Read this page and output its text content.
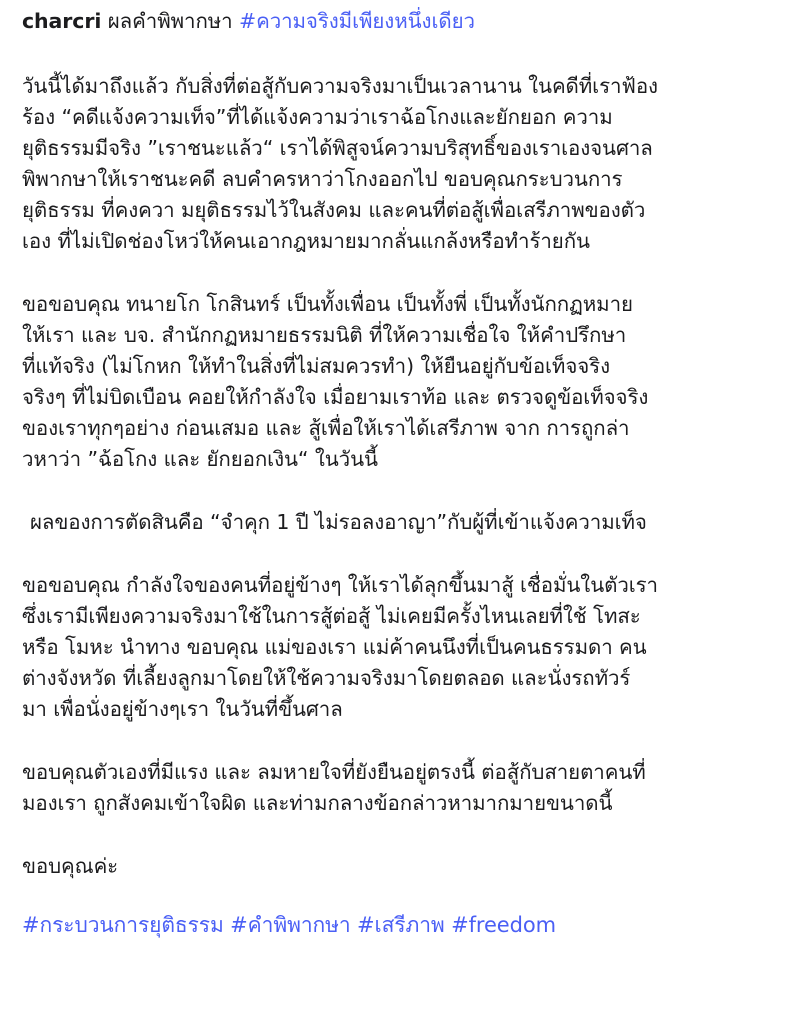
charcri ผลคำพิพากษา #ความจริงมีเพียงหนึ่งเดียว
วันนี้ได้มาถึงแล้ว กับสิ่งที่ต่อสู้กับความจริงมาเป็นเวลานาน ในคดีที่เราฟ้อง
ร้อง “คดีแจ้งความเท็จ”ที่ได้แจ้งความว่าเราฉ้อโกงและยักยอก ความ
ยุติธรรมมีจริง ”เราชนะแล้ว“ เราได้พิสูจน์ความบริสุทธิ์ของเราเองจนศาล
พิพากษาให้เราชนะคดี ลบคำครหาว่าโกงออกไป ขอบคุณกระบวนการ
ยุติธรรม ที่คงควา มยุติธรรมไว้ในสังคม และคนที่ต่อสู้เพื่อเสรีภาพของตัว
เอง ที่ไม่เปิดช่องโหว่ให้คนเอากฎหมายมากลั่นแกล้งหรือทำร้ายกัน
ขอขอบคุณ ทนายโก โกสินทร์ เป็นทั้งเพื่อน เป็นทั้งพี่ เป็นทั้งนักกฏหมาย
ให้เรา และ บจ. สำนักกฏหมายธรรมนิติ ที่ให้ความเชื่อใจ ให้คำปรึกษา
ที่แท้จริง (ไม่โกหก ให้ทำในสิ่งที่ไม่สมควรทำ) ให้ยืนอยู่กับข้อเท็จจริง
จริงๆ ที่ไม่บิดเบือน คอยให้กำลังใจ เมื่อยามเราท้อ และ ตรวจดูข้อเท็จจริง
ของเราทุกๆอย่าง ก่อนเสมอ และ สู้เพื่อให้เราได้เสรีภาพ จาก การถูกล่า
วหาว่า ”ฉ้อโกง และ ยักยอกเงิน“ ในวันนี้
ผลของการตัดสินคือ “จำคุก 1 ปี ไม่รอลงอาญา”กับผู้ที่เข้าแจ้งความเท็จ
ขอขอบคุณ กำลังใจของคนที่อยู่ข้างๆ ให้เราได้ลุกขึ้นมาสู้ เชื่อมั่นในตัวเรา
ซึ่งเรามีเพียงความจริงมาใช้ในการสู้ต่อสู้ ไม่เคยมีครั้งไหนเลยที่ใช้ โทสะ
หรือ โมหะ นำทาง ขอบคุณ แม่ของเรา แม่ค้าคนนึงที่เป็นคนธรรมดา คน
ต่างจังหวัด ที่เลี้ยงลูกมาโดยให้ใช้ความจริงมาโดยตลอด และนั่งรถทัวร์
มา เพื่อนั่งอยู่ข้างๆเรา ในวันที่ขึ้นศาล
ขอบคุณตัวเองที่มีแรง และ ลมหายใจที่ยังยืนอยู่ตรงนี้ ต่อสู้กับสายตาคนที่
มองเรา ถูกสังคมเข้าใจผิด และท่ามกลางข้อกล่าวหามากมายขนาดนี้
ขอบคุณค่ะ
#กระบวนการยุติธรรม #คำพิพากษา #เสรีภาพ #freedom
